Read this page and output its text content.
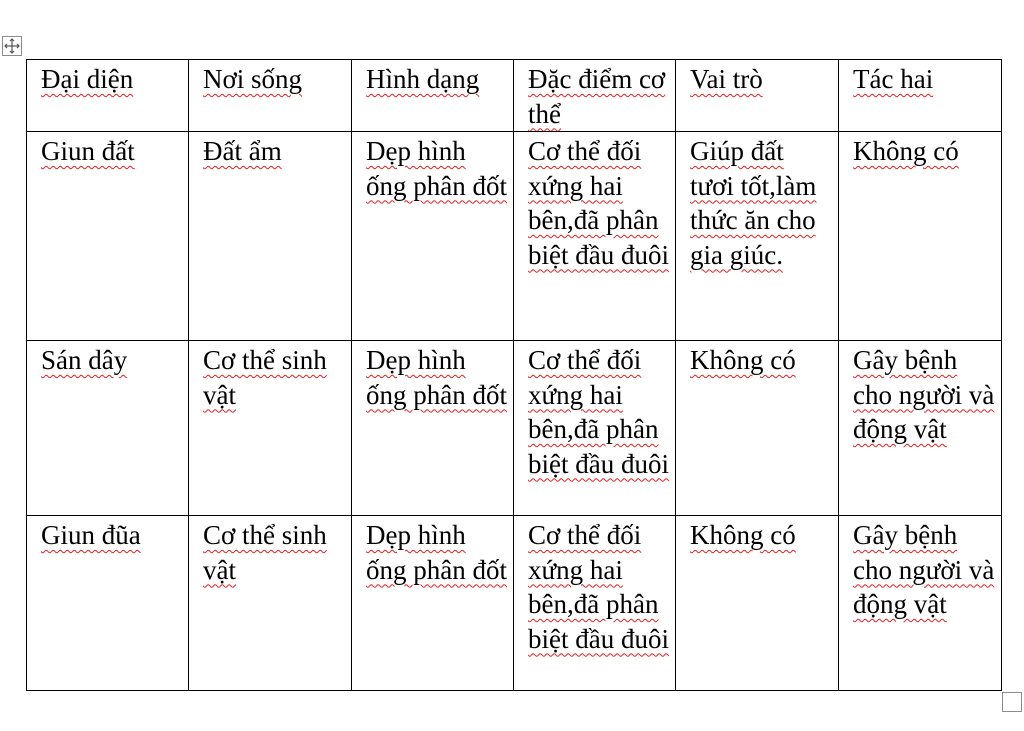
Đại diện	Nơi sống	Hình dạng	Đặc điểm cơ thể	Vai trò	Tác hai
Giun đất	Đất ẩm	Dẹp hình ống phân đốt	Cơ thể đối xứng hai bên,đã phân biệt đầu đuôi	Giúp đất tươi tốt,làm thức ăn cho gia giúc.	Không có
Sán dây	Cơ thể sinh vật	Dẹp hình ống phân đốt	Cơ thể đối xứng hai bên,đã phân biệt đầu đuôi	Không có	Gây bệnh cho người và động vật
Giun đũa	Cơ thể sinh vật	Dẹp hình ống phân đốt	Cơ thể đối xứng hai bên,đã phân biệt đầu đuôi	Không có	Gây bệnh cho người và động vật
